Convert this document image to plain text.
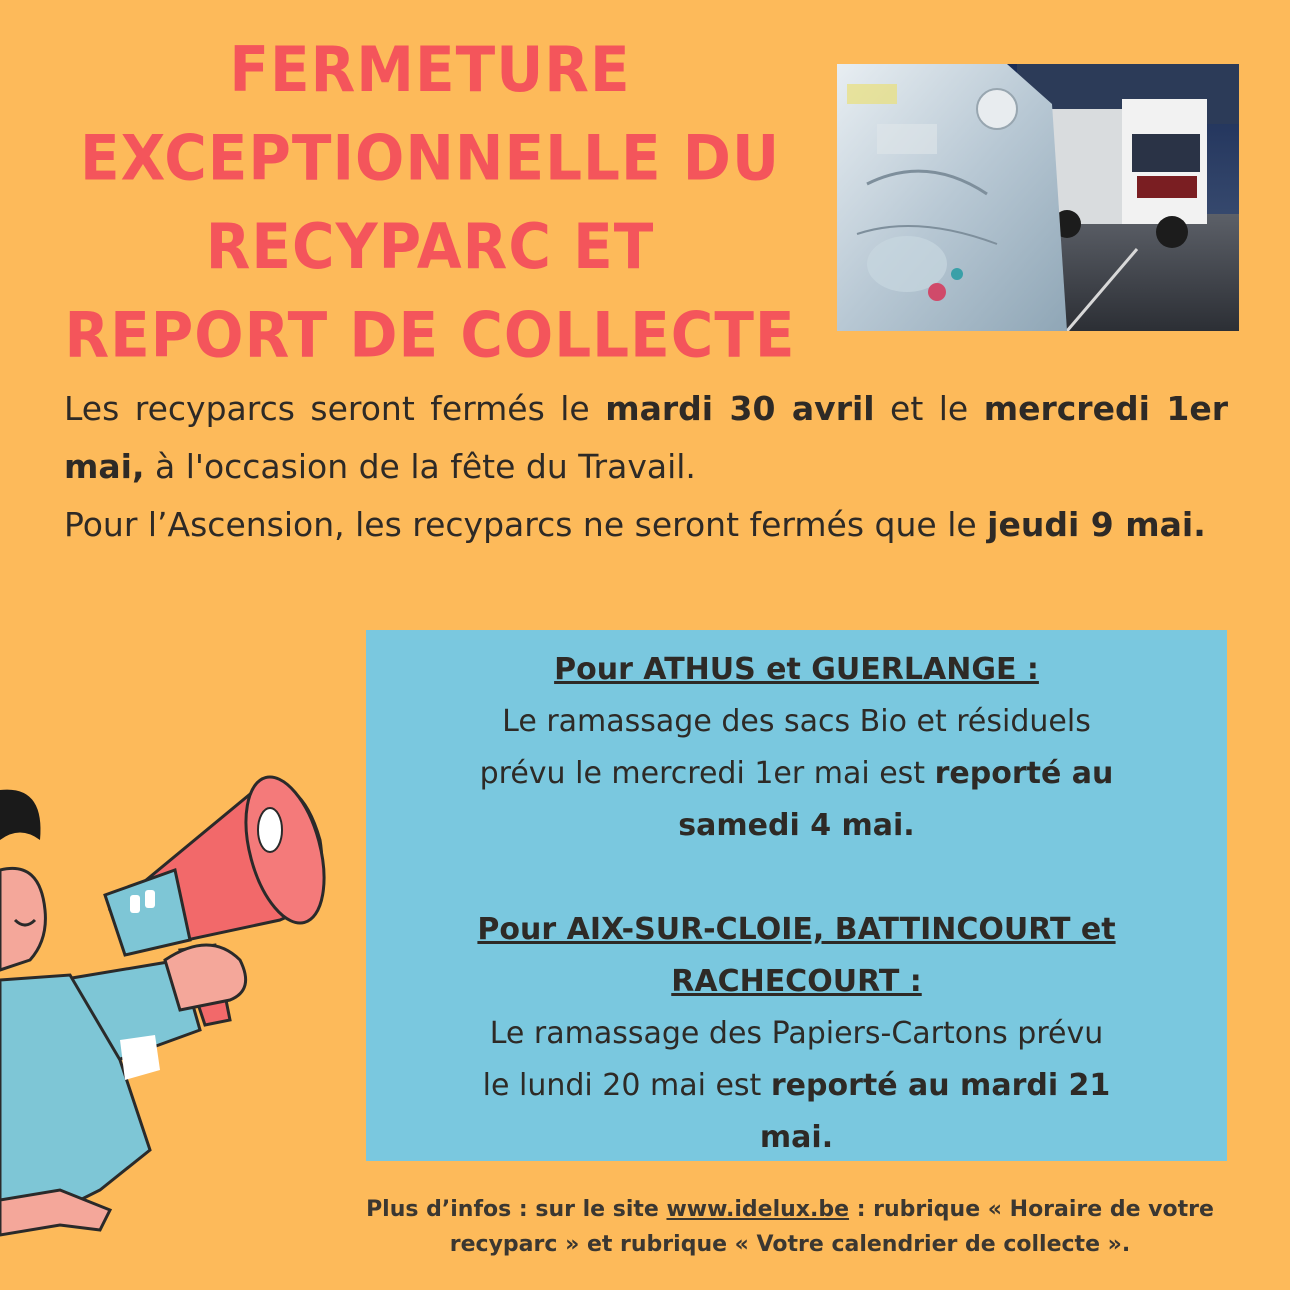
FERMETURE
EXCEPTIONNELLE DU
RECYPARC ET
REPORT DE COLLECTE
Les recyparcs seront fermés le mardi 30 avril et le mercredi 1er mai, à l'occasion de la fête du Travail.
Pour l’Ascension, les recyparcs ne seront fermés que le jeudi 9 mai.
Pour ATHUS et GUERLANGE :
Le ramassage des sacs Bio et résiduels
prévu le mercredi 1er mai est reporté au
samedi 4 mai.
Pour AIX-SUR-CLOIE, BATTINCOURT et
RACHECOURT :
Le ramassage des Papiers-Cartons prévu
le lundi 20 mai est reporté au mardi 21
mai.
Plus d’infos : sur le site www.idelux.be : rubrique « Horaire de votre
recyparc » et rubrique « Votre calendrier de collecte ».
